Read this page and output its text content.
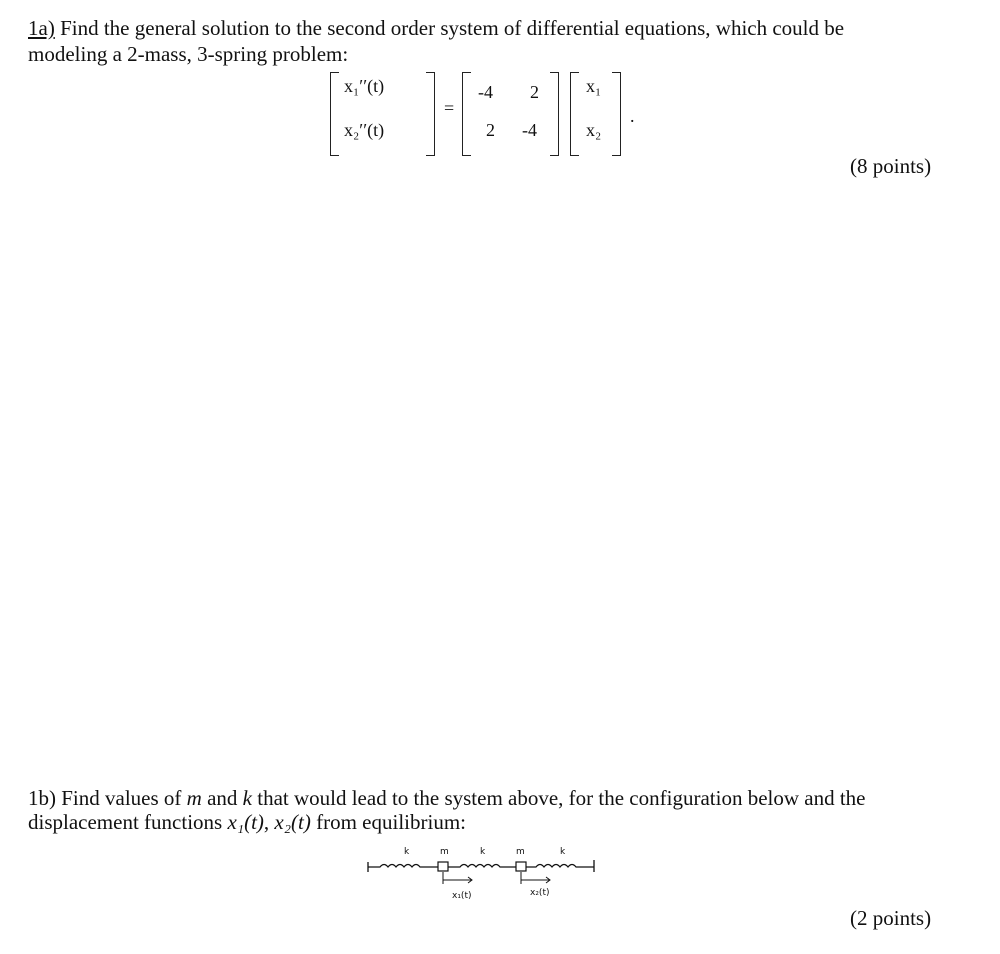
1a) Find the general solution to the second order system of differential equations, which could be
modeling a 2-mass, 3-spring problem:
x₁′′(t)
x₂′′(t)
=
-4 2
2 -4
x₁
x₂
.
(8 points)
1b) Find values of m and k that would lead to the system above, for the configuration below and the
displacement functions x₁(t), x₂(t) from equilibrium:
k	m	k	m	k
x₁(t)	x₂(t)
(2 points)
